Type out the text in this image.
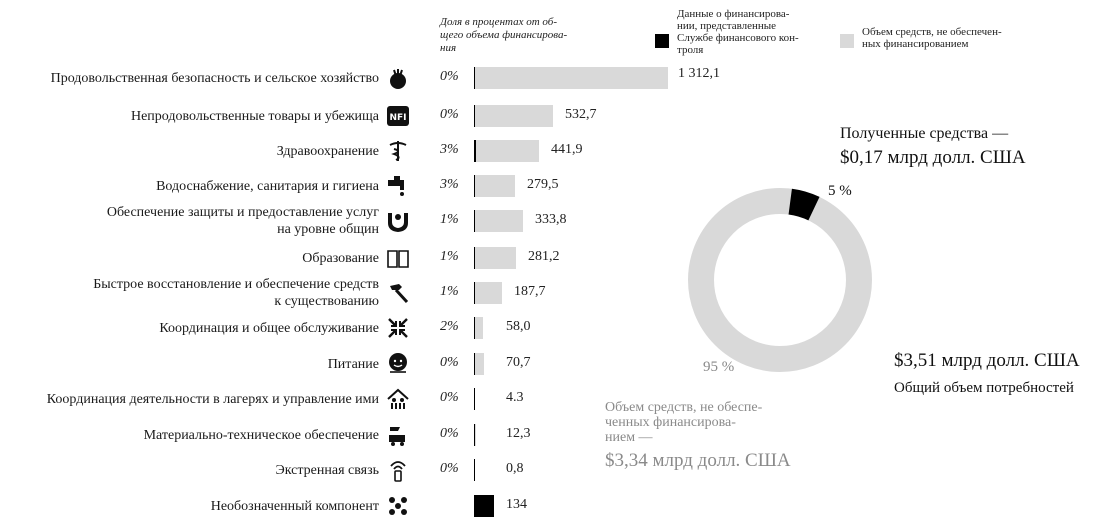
Доля в процентах от об-
щего объема финансирова-
ния
Данные о финансирова-
нии, представленные
Службе финансового кон-
троля
Объем средств, не обеспечен-
ных финансированием
Продовольственная безопасность и сельское хозяйство	0%	1 312,1
Непродовольственные товары и убежища NFI 0%	532,7
Здравоохранение	3%	441,9
Водоснабжение, санитария и гигиена	3%	279,5
Обеспечение защиты и предоставление услуг
на уровне общин
1%	333,8
Образование	1%	281,2
Быстрое восстановление и обеспечение средств
к существованию
1%	187,7
Координация и общее обслуживание	2%	58,0
Питание	0%	70,7
Координация деятельности в лагерях и управление ими	0%	4.3
Материально-техническое обеспечение	0%	12,3
Экстренная связь	0%	0,8
Необозначенный компонент	134
5 %
95 %
Полученные средства —
$0,17 млрд долл. США
$3,51 млрд долл. США
Общий объем потребностей
Объем средств, не обеспе-
ченных финансирова-
нием —
$3,34 млрд долл. США
